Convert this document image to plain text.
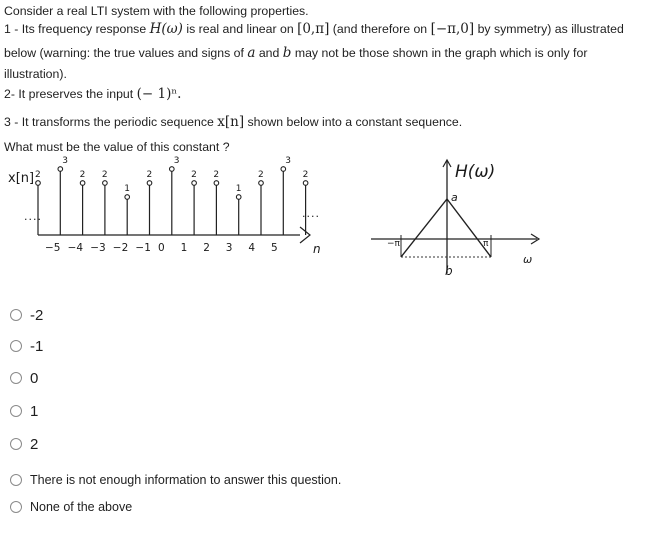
Consider a real LTI system with the following properties.
1 - Its frequency response H(ω) is real and linear on [0,π] (and therefore on [−π,0] by symmetry) as illustrated
below (warning: the true values and signs of a and b may not be those shown in the graph which is only for
illustration).
2- It preserves the input (− 1)ⁿ.
3 - It transforms the periodic sequence x[n] shown below into a constant sequence.
What must be the value of this constant ?
x[n]
....	....
n
2
3
2 2
1
2
3
2 2
1
2
3
2
−5 −4 −3 −2 −1 0 1 2 3 4 5
H(ω)
−π	π
a
b
ω
-2
-1
0
1
2
There is not enough information to answer this question.
None of the above
